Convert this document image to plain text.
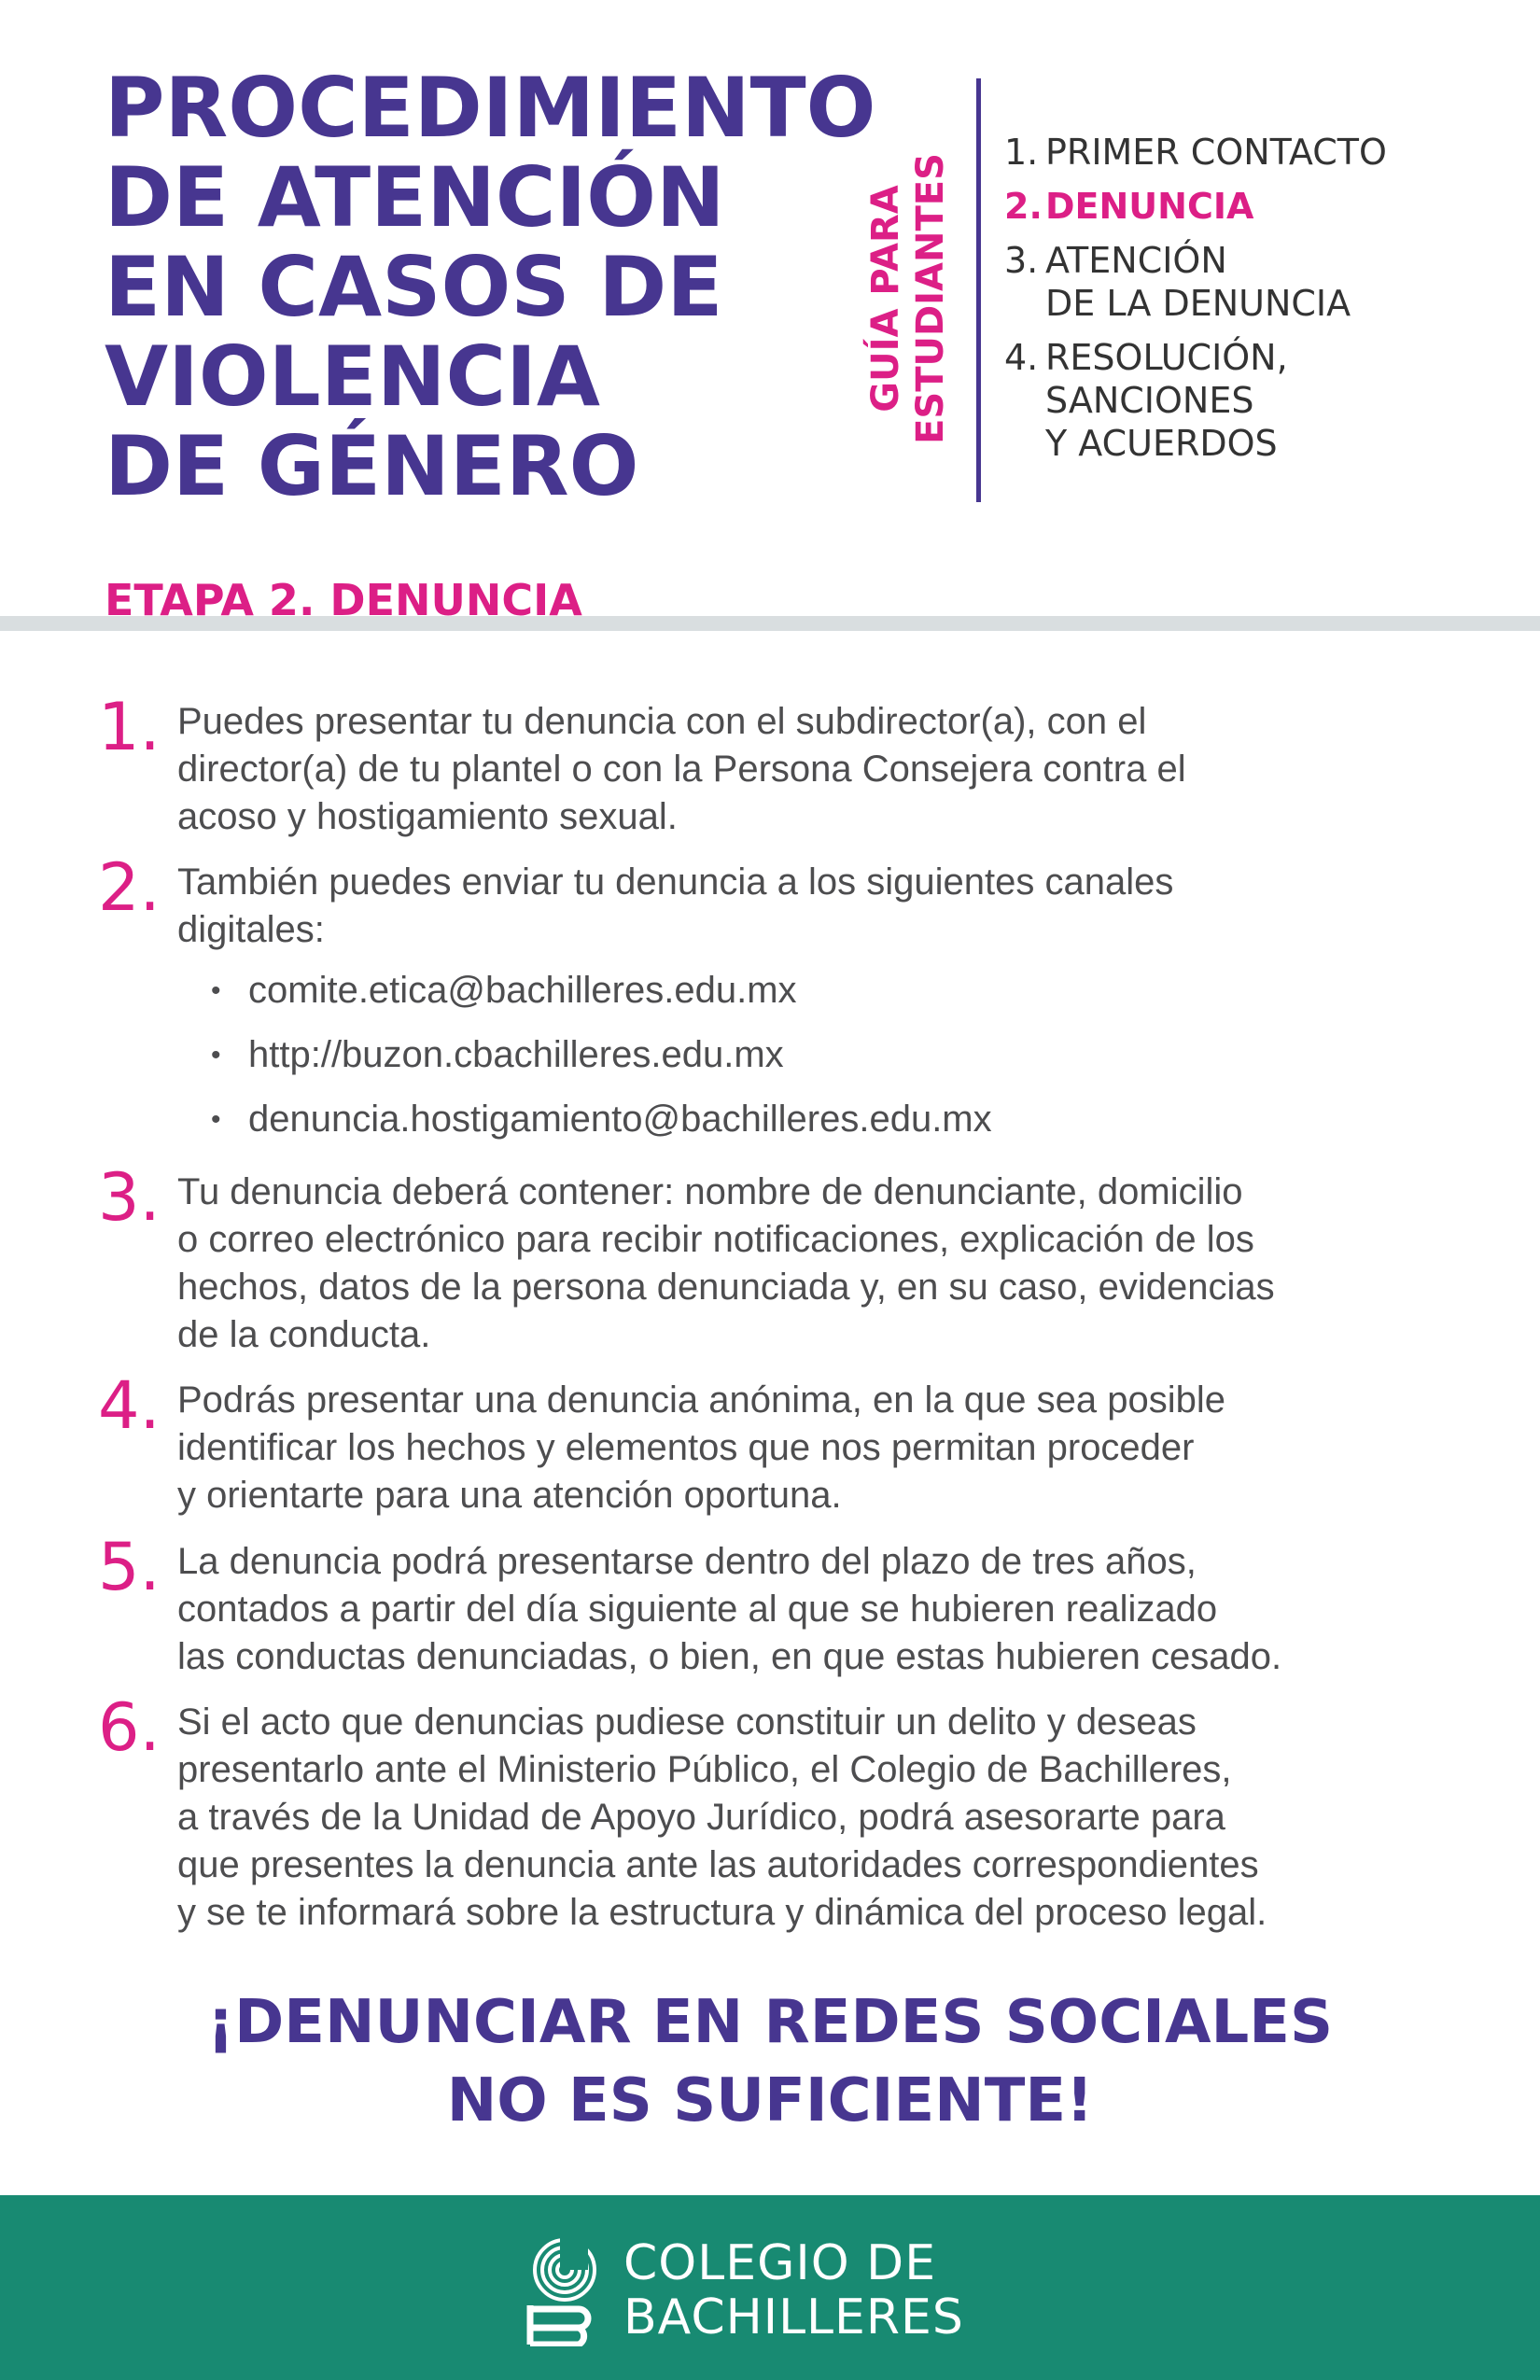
PROCEDIMIENTO
DE ATENCIÓN
EN CASOS DE
VIOLENCIA
DE GÉNERO
GUÍA PARA ESTUDIANTES
1. PRIMER CONTACTO
2. DENUNCIA
3. ATENCIÓN
DE LA DENUNCIA
4. RESOLUCIÓN,
SANCIONES
Y ACUERDOS
ETAPA 2. DENUNCIA
1. Puedes presentar tu denuncia con el subdirector(a), con el
director(a) de tu plantel o con la Persona Consejera contra el
acoso y hostigamiento sexual.
2. También puedes enviar tu denuncia a los siguientes canales
digitales:
• comite.etica@bachilleres.edu.mx
• http://buzon.cbachilleres.edu.mx
• denuncia.hostigamiento@bachilleres.edu.mx
3. Tu denuncia deberá contener: nombre de denunciante, domicilio
o correo electrónico para recibir notificaciones, explicación de los
hechos, datos de la persona denunciada y, en su caso, evidencias
de la conducta.
4. Podrás presentar una denuncia anónima, en la que sea posible
identificar los hechos y elementos que nos permitan proceder
y orientarte para una atención oportuna.
5. La denuncia podrá presentarse dentro del plazo de tres años,
contados a partir del día siguiente al que se hubieren realizado
las conductas denunciadas, o bien, en que estas hubieren cesado.
6. Si el acto que denuncias pudiese constituir un delito y deseas
presentarlo ante el Ministerio Público, el Colegio de Bachilleres,
a través de la Unidad de Apoyo Jurídico, podrá asesorarte para
que presentes la denuncia ante las autoridades correspondientes
y se te informará sobre la estructura y dinámica del proceso legal.
¡DENUNCIAR EN REDES SOCIALES
NO ES SUFICIENTE!
COLEGIO DE
BACHILLERES
